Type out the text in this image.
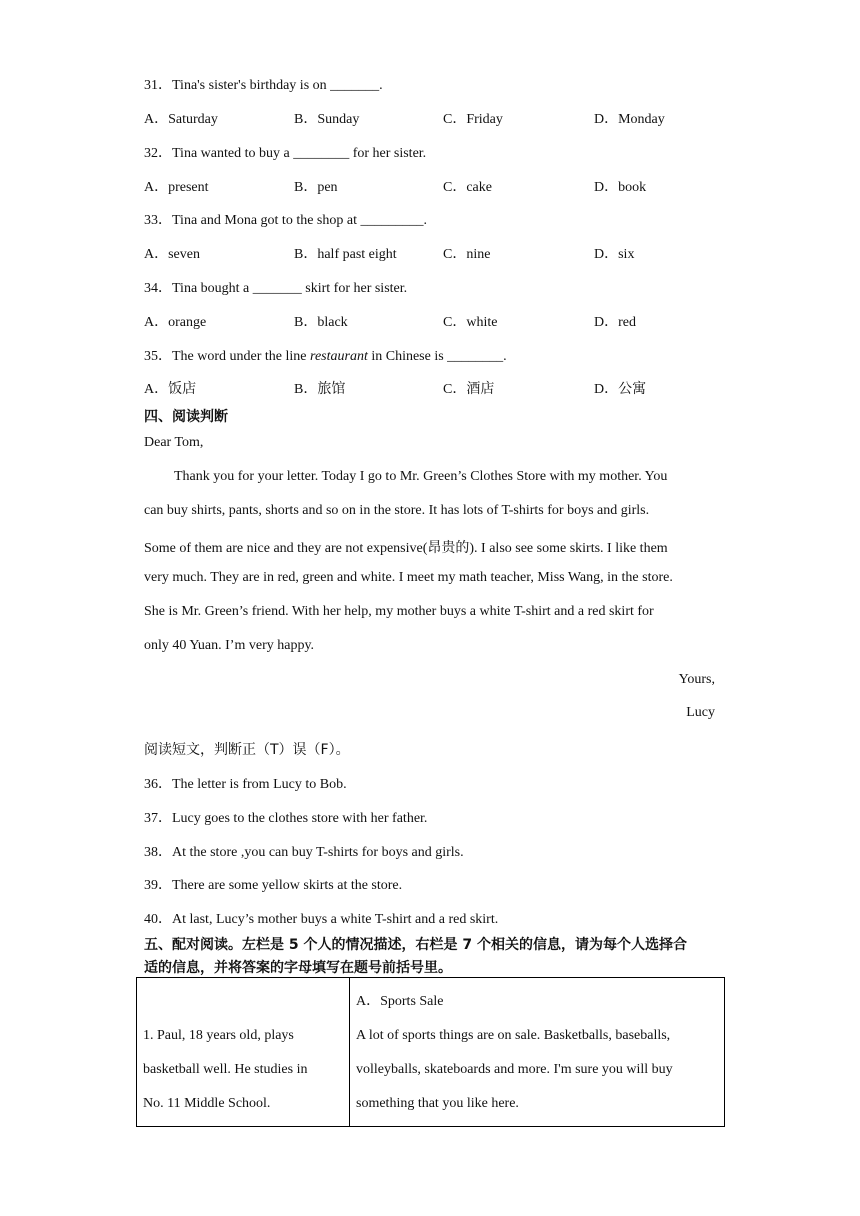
31．Tina's sister's birthday is on _______.
A．Saturday	B．Sunday	C．Friday	D．Monday
32．Tina wanted to buy a ________ for her sister.
A．present	B．pen	C．cake	D．book
33．Tina and Mona got to the shop at _________.
A．seven	B．half past eight	C．nine	D．six
34．Tina bought a _______ skirt for her sister.
A．orange	B．black	C．white	D．red
35．The word under the line restaurant in Chinese is ________.
A．饭店	B．旅馆	C．酒店	D．公寓
四、阅读判断
Dear Tom,
Thank you for your letter. Today I go to Mr. Green’s Clothes Store with my mother. You
can buy shirts, pants, shorts and so on in the store. It has lots of T-shirts for boys and girls.
Some of them are nice and they are not expensive(昂贵的). I also see some skirts. I like them
very much. They are in red, green and white. I meet my math teacher, Miss Wang, in the store.
She is Mr. Green’s friend. With her help, my mother buys a white T-shirt and a red skirt for
only 40 Yuan. I’m very happy.
Yours,
Lucy
阅读短文，判断正（T）误（F）。
36．The letter is from Lucy to Bob.
37．Lucy goes to the clothes store with her father.
38．At the store ,you can buy T-shirts for boys and girls.
39．There are some yellow skirts at the store.
40．At last, Lucy’s mother buys a white T-shirt and a red skirt.
五、配对阅读。左栏是 5 个人的情况描述，右栏是 7 个相关的信息，请为每个人选择合
适的信息，并将答案的字母填写在题号前括号里。
1. Paul, 18 years old, plays
basketball well. He studies in
No. 11 Middle School.

A．Sports Sale
A lot of sports things are on sale. Basketballs, baseballs,
volleyballs, skateboards and more. I'm sure you will buy
something that you like here.
